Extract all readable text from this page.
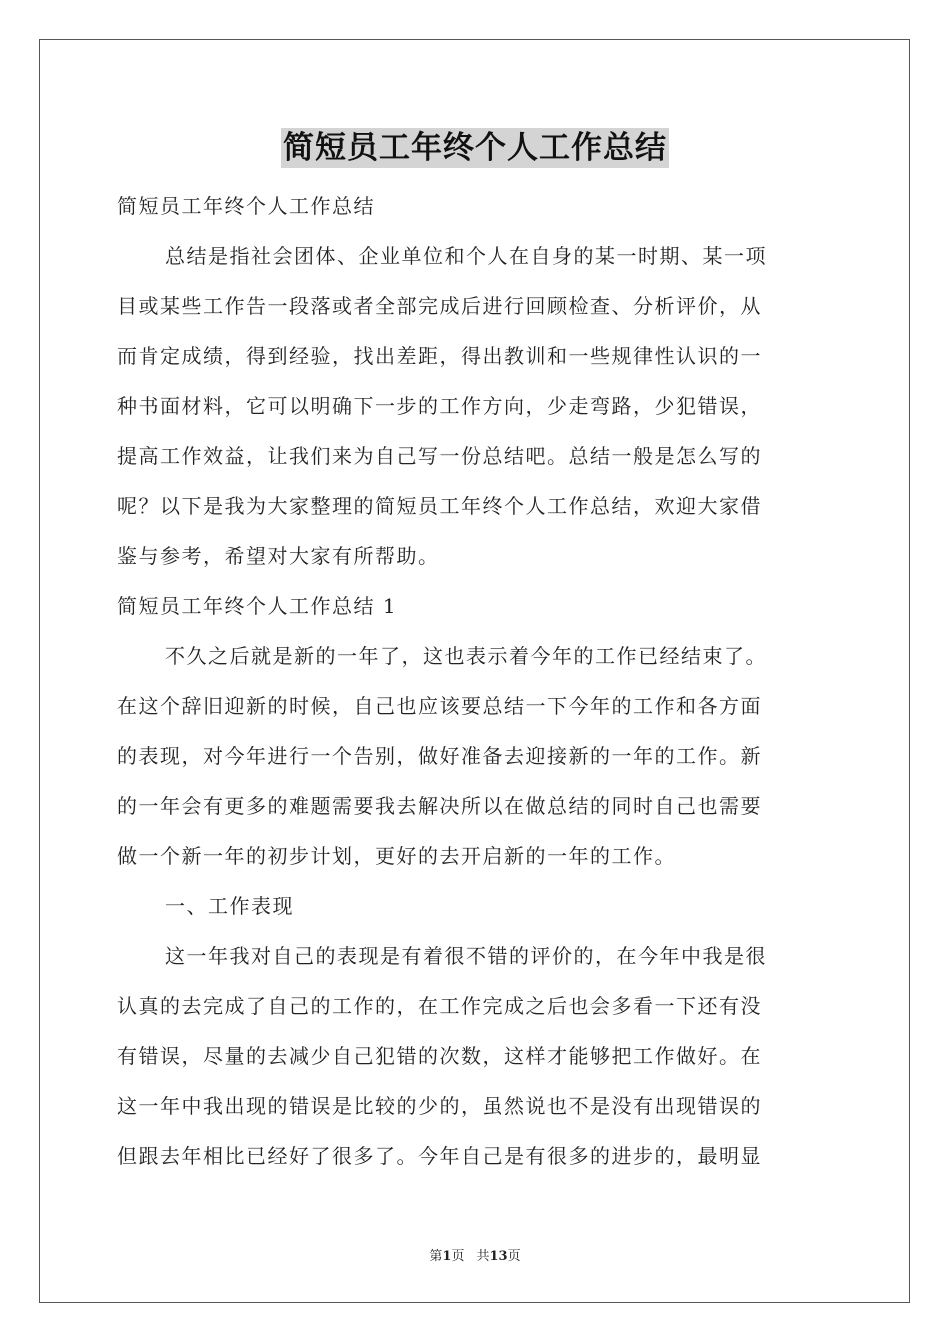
简短员工年终个人工作总结
简短员工年终个人工作总结
总结是指社会团体、企业单位和个人在自身的某一时期、某一项
目或某些工作告一段落或者全部完成后进行回顾检查、分析评价，从
而肯定成绩，得到经验，找出差距，得出教训和一些规律性认识的一
种书面材料，它可以明确下一步的工作方向，少走弯路，少犯错误，
提高工作效益，让我们来为自己写一份总结吧。总结一般是怎么写的
呢？以下是我为大家整理的简短员工年终个人工作总结，欢迎大家借
鉴与参考，希望对大家有所帮助。
简短员工年终个人工作总结 1
不久之后就是新的一年了，这也表示着今年的工作已经结束了。
在这个辞旧迎新的时候，自己也应该要总结一下今年的工作和各方面
的表现，对今年进行一个告别，做好准备去迎接新的一年的工作。新
的一年会有更多的难题需要我去解决所以在做总结的同时自己也需要
做一个新一年的初步计划，更好的去开启新的一年的工作。
一、工作表现
这一年我对自己的表现是有着很不错的评价的，在今年中我是很
认真的去完成了自己的工作的，在工作完成之后也会多看一下还有没
有错误，尽量的去减少自己犯错的次数，这样才能够把工作做好。在
这一年中我出现的错误是比较的少的，虽然说也不是没有出现错误的
但跟去年相比已经好了很多了。今年自己是有很多的进步的，最明显
第1页 共13页
